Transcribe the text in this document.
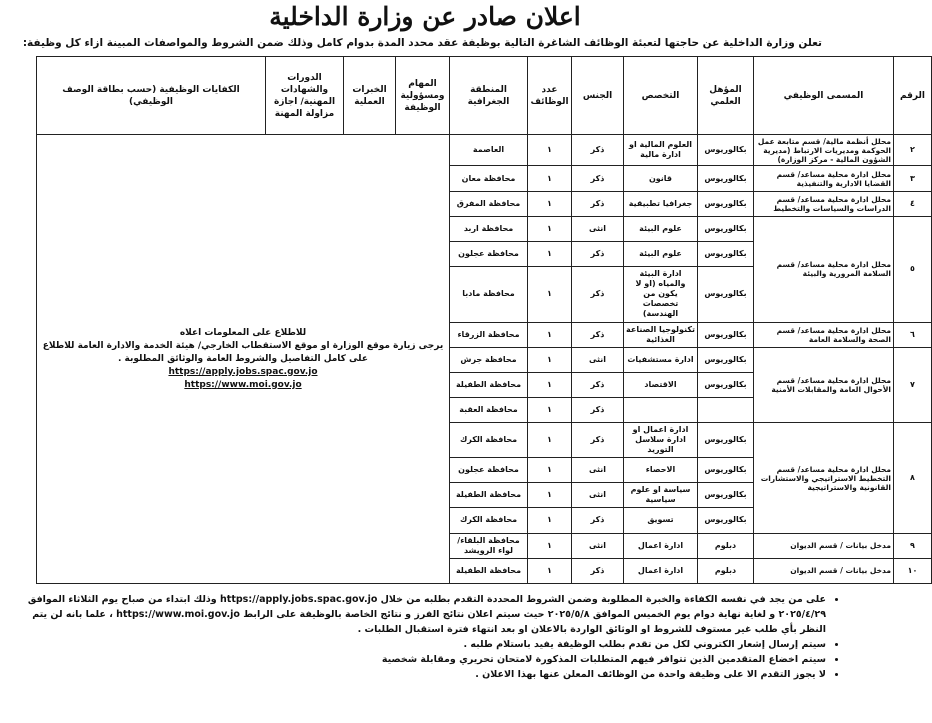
اعلان صادر عن وزارة الداخلية

تعلن وزارة الداخلية عن حاجتها لتعبئة الوظائف الشاغرة التالية بوظيفة عقد محدد المدة بدوام كامل وذلك ضمن الشروط والمواصفات المبينة ازاء كل وظيفة:

الرقم	المسمى الوظيفي	المؤهل العلمي	التخصص	الجنس	عدد الوظائف	المنطقة الجغرافية	المهام ومسؤولية الوظيفة	الخبرات العملية	الدورات والشهادات المهنية/ اجازة مزاولة المهنة	الكفايات الوظيفية (حسب بطاقة الوصف الوظيفي)
٢	محلل أنظمة مالية/ قسم متابعة عمل الحوكمة ومديريات الارتباط (مديرية الشؤون المالية - مركز الوزارة)	بكالوريوس	العلوم المالية او ادارة مالية	ذكر	١	العاصمة	للاطلاع على المعلومات اعلاه
يرجى زيارة موقع الوزارة او موقع الاستقطاب الخارجي/ هيئة الخدمة والادارة العامة للاطلاع على كامل التفاصيل والشروط العامة والوثائق المطلوبة .
https://apply.jobs.spac.gov.jo
https://www.moi.gov.jo			

٣	محلل ادارة محلية مساعد/ قسم القضايا الادارية والتنفيذية	بكالوريوس	قانون	ذكر	١	محافظة معان				
٤	محلل ادارة محلية مساعد/ قسم الدراسات والسياسات والتخطيط	بكالوريوس	جغرافيا تطبيقية	ذكر	١	محافظة المفرق				
٥	محلل ادارة محلية مساعد/ قسم السلامة المرورية والبيئة	بكالوريوس	علوم البيئة	انثى	١	محافظة اربد				
		بكالوريوس	علوم البيئة	ذكر	١	محافظة عجلون				
		بكالوريوس	ادارة البيئة والمياه (او لا يكون من تخصصات الهندسة)	ذكر	١	محافظة مادبا				
٦	محلل ادارة محلية مساعد/ قسم الصحة والسلامة العامة	بكالوريوس	تكنولوجيا الصناعة الغذائية	ذكر	١	محافظة الزرقاء				
٧	محلل ادارة محلية مساعد/ قسم الأحوال العامة والمقابلات الأمنية	بكالوريوس	ادارة مستشفيات	انثى	١	محافظة جرش				
		بكالوريوس	الاقتصاد	ذكر	١	محافظة الطفيلة				
				ذكر	١	محافظة العقبة				
٨	محلل ادارة محلية مساعد/ قسم التخطيط الاستراتيجي والاستشارات القانونية والاستراتيجية	بكالوريوس	ادارة اعمال او ادارة سلاسل التوريد	ذكر	١	محافظة الكرك				
		بكالوريوس	الاحصاء	انثى	١	محافظة عجلون				
		بكالوريوس	سياسة او علوم سياسية	انثى	١	محافظة الطفيلة				
		بكالوريوس	تسويق	ذكر	١	محافظة الكرك				
٩	مدخل بيانات / قسم الديوان	دبلوم	ادارة اعمال	انثى	١	محافظة البلقاء/ لواء الرويشد				
١٠	مدخل بيانات / قسم الديوان	دبلوم	ادارة اعمال	ذكر	١	محافظة الطفيلة				
• على من يجد في نفسه الكفاءة والخبرة المطلوبة وضمن الشروط المحددة التقدم بطلبه من خلال https://apply.jobs.spac.gov.jo وذلك ابتداء من صباح يوم الثلاثاء الموافق ٢٠٢٥/٤/٢٩ و لغاية نهاية دوام يوم الخميس الموافق ٢٠٢٥/٥/٨ حيث سيتم اعلان نتائج الفرز و نتائج الخاصة بالوظيفة على الرابط https://www.moi.gov.jo ، علما بانه لن يتم النظر بأي طلب غير مستوف للشروط او الوثائق الواردة بالاعلان او بعد انتهاء فترة استقبال الطلبات .
• سيتم إرسال إشعار الكتروني لكل من تقدم بطلب الوظيفة يفيد باستلام طلبه .
• سيتم اخضاع المتقدمين الذين تتوافر فيهم المتطلبات المذكورة لامتحان تحريري ومقابلة شخصية
• لا يجوز التقدم الا على وظيفة واحدة من الوظائف المعلن عنها بهذا الاعلان .
